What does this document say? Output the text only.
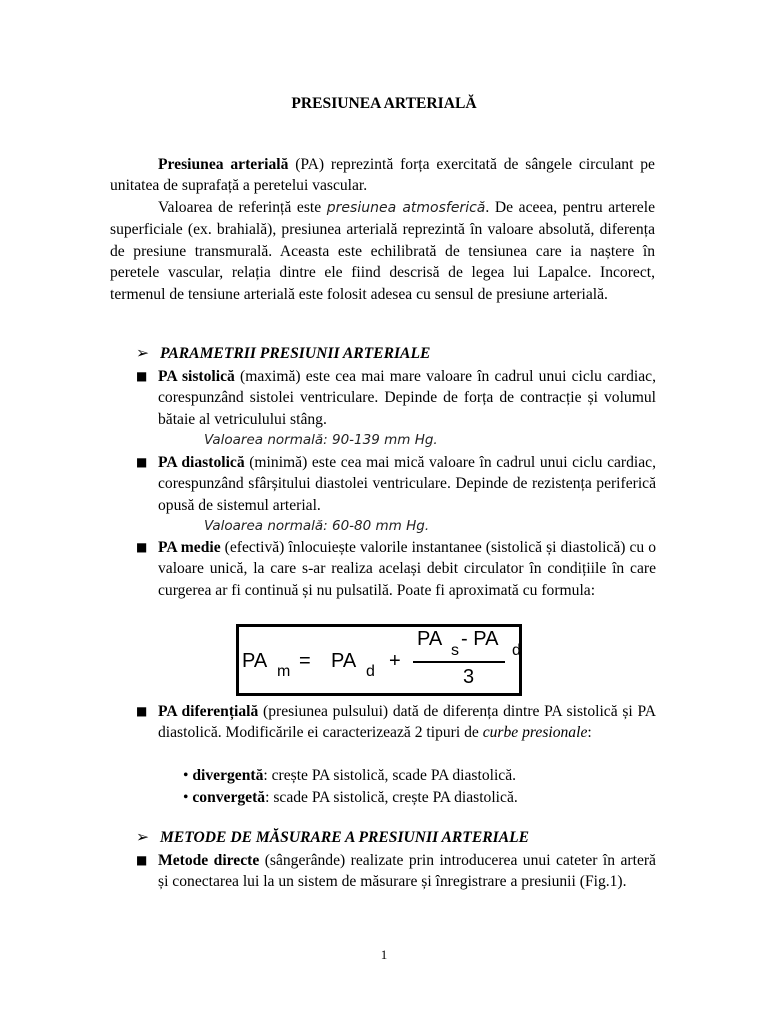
PRESIUNEA ARTERIALĂ

Presiunea arterială (PA) reprezintă forța exercitată de sângele circulant pe unitatea de suprafață a peretelui vascular.

Valoarea de referință este presiunea atmosferică. De aceea, pentru arterele superficiale (ex. brahială), presiunea arterială reprezintă în valoare absolută, diferența de presiune transmurală. Aceasta este echilibrată de tensiunea care ia naștere în peretele vascular, relația dintre ele fiind descrisă de legea lui Lapalce. Incorect, termenul de tensiune arterială este folosit adesea cu sensul de presiune arterială.

➢ PARAMETRII PRESIUNII ARTERIALE
■ PA sistolică (maximă) este cea mai mare valoare în cadrul unui ciclu cardiac, corespunzând sistolei ventriculare. Depinde de forța de contracție și volumul bătaie al vetriculului stâng.
Valoarea normală: 90-139 mm Hg.
■ PA diastolică (minimă) este cea mai mică valoare în cadrul unui ciclu cardiac, corespunzând sfârșitului diastolei ventriculare. Depinde de rezistența periferică opusă de sistemul arterial.
Valoarea normală: 60-80 mm Hg.
■ PA medie (efectivă) înlocuiește valorile instantanee (sistolică și diastolică) cu o valoare unică, la care s-ar realiza același debit circulator în condițiile în care curgerea ar fi continuă și nu pulsatilă. Poate fi aproximată cu formula:
PA m = PA d +
PA
s
- PA
d
3
■ PA diferențială (presiunea pulsului) dată de diferența dintre PA sistolică și PA diastolică. Modificările ei caracterizează 2 tipuri de curbe presionale:
• divergentă: crește PA sistolică, scade PA diastolică.
• convergetă: scade PA sistolică, crește PA diastolică.
➢ METODE DE MĂSURARE A PRESIUNII ARTERIALE
■ Metode directe (sângerânde) realizate prin introducerea unui cateter în arteră și conectarea lui la un sistem de măsurare și înregistrare a presiunii (Fig.1).
1
